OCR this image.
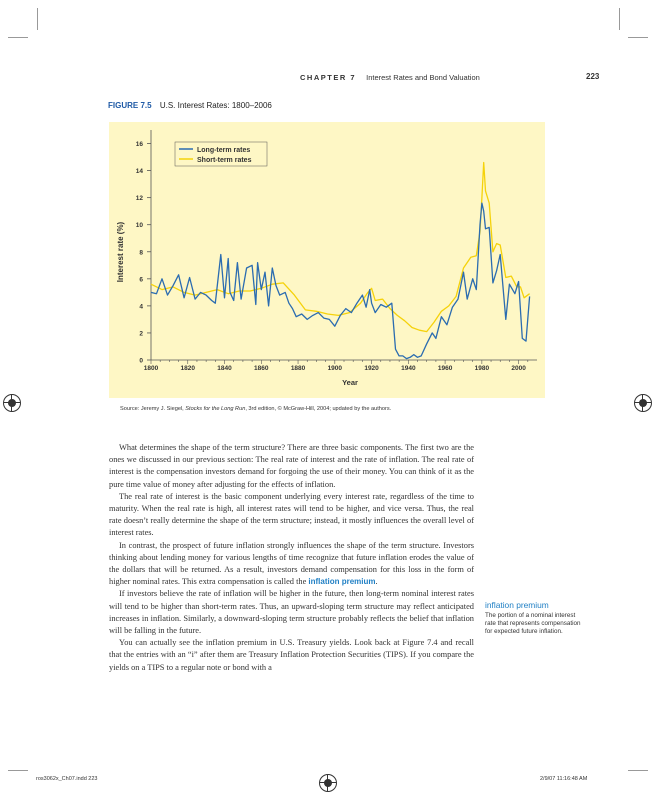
CHAPTER 7 Interest Rates and Bond Valuation	223
FIGURE 7.5 U.S. Interest Rates: 1800–2006
0
2
4
6
8
10
12
14
16
1800	1820	1840	1860	1880	1900	1920	1940	1960	1980	2000
Interest rate (%)
Year
Long-term rates
Short-term rates
Source: Jeremy J. Siegel, Stocks for the Long Run, 3rd edition, © McGraw-Hill, 2004; updated by the authors.

What determines the shape of the term structure? There are three basic components. The first two are the ones we discussed in our previous section: The real rate of interest and the rate of inflation. The real rate of interest is the compensation investors demand for forgoing the use of their money. You can think of it as the pure time value of money after adjusting for the effects of inflation.

The real rate of interest is the basic component underlying every interest rate, regardless of the time to maturity. When the real rate is high, all interest rates will tend to be higher, and vice versa. Thus, the real rate doesn’t really determine the shape of the term structure; instead, it mostly influences the overall level of interest rates.

In contrast, the prospect of future inflation strongly influences the shape of the term structure. Investors thinking about lending money for various lengths of time recognize that future inflation erodes the value of the dollars that will be returned. As a result, investors demand compensation for this loss in the form of higher nominal rates. This extra compensation is called the inflation premium.

If investors believe the rate of inflation will be higher in the future, then long-term nominal interest rates will tend to be higher than short-term rates. Thus, an upward-sloping term structure may reflect anticipated increases in inflation. Similarly, a downward-sloping term structure probably reflects the belief that inflation will be falling in the future.

You can actually see the inflation premium in U.S. Treasury yields. Look back at Figure 7.4 and recall that the entries with an “i” after them are Treasury Inflation Protection Securities (TIPS). If you compare the yields on a TIPS to a regular note or bond with a

inflation premium
The portion of a nominal interest rate that represents compensation for expected future inflation.
ros3062x_Ch07.indd 223	2/9/07 11:16:48 AM
